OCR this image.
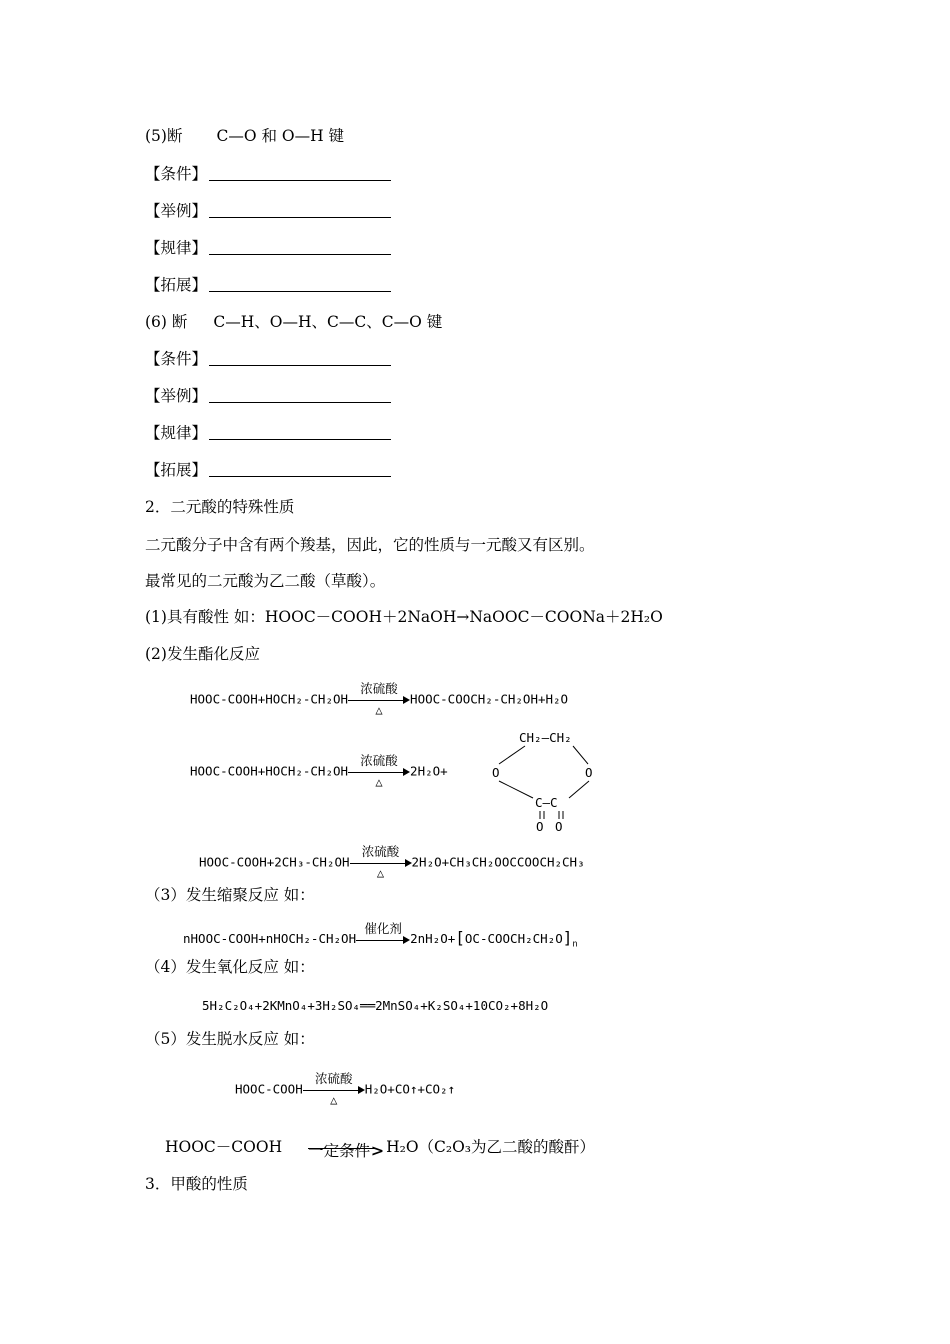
(5)断 C—O 和 O—H 键
【条件】
【举例】
【规律】
【拓展】
(6) 断 C—H、O—H、C—C、C—O 键
【条件】
【举例】
【规律】
【拓展】
2．二元酸的特殊性质
二元酸分子中含有两个羧基，因此，它的性质与一元酸又有区别。
最常见的二元酸为乙二酸（草酸）。
(1)具有酸性 如：HOOC－COOH＋2NaOH→NaOOC－COONa＋2H₂O
(2)发生酯化反应
HOOC-COOH+HOCH₂-CH₂OH
浓硫酸
△
HOOC-COOCH₂-CH₂OH+H₂O
HOOC-COOH+HOCH₂-CH₂OH
浓硫酸
△
2H₂O+
CH₂—CH₂
O	O
C—C
O O
HOOC-COOH+2CH₃-CH₂OH
浓硫酸
△
2H₂O+CH₃CH₂OOCCOOCH₂CH₃
（3）发生缩聚反应 如：
nHOOC-COOH+nHOCH₂-CH₂OH
催化剂
$2nH_2O+[OC-COOCH_2CH_2O]_n$
（4）发生氧化反应 如：
5H₂C₂O₄+2KMnO₄+3H₂SO₄══2MnSO₄+K₂SO₄+10CO₂+8H₂O
（5）发生脱水反应 如：
HOOC-COOH
浓硫酸
△
H₂O+CO↑+CO₂↑
HOOC－COOH 一定条件 > H₂O（C₂O₃为乙二酸的酸酐）
3．甲酸的性质
